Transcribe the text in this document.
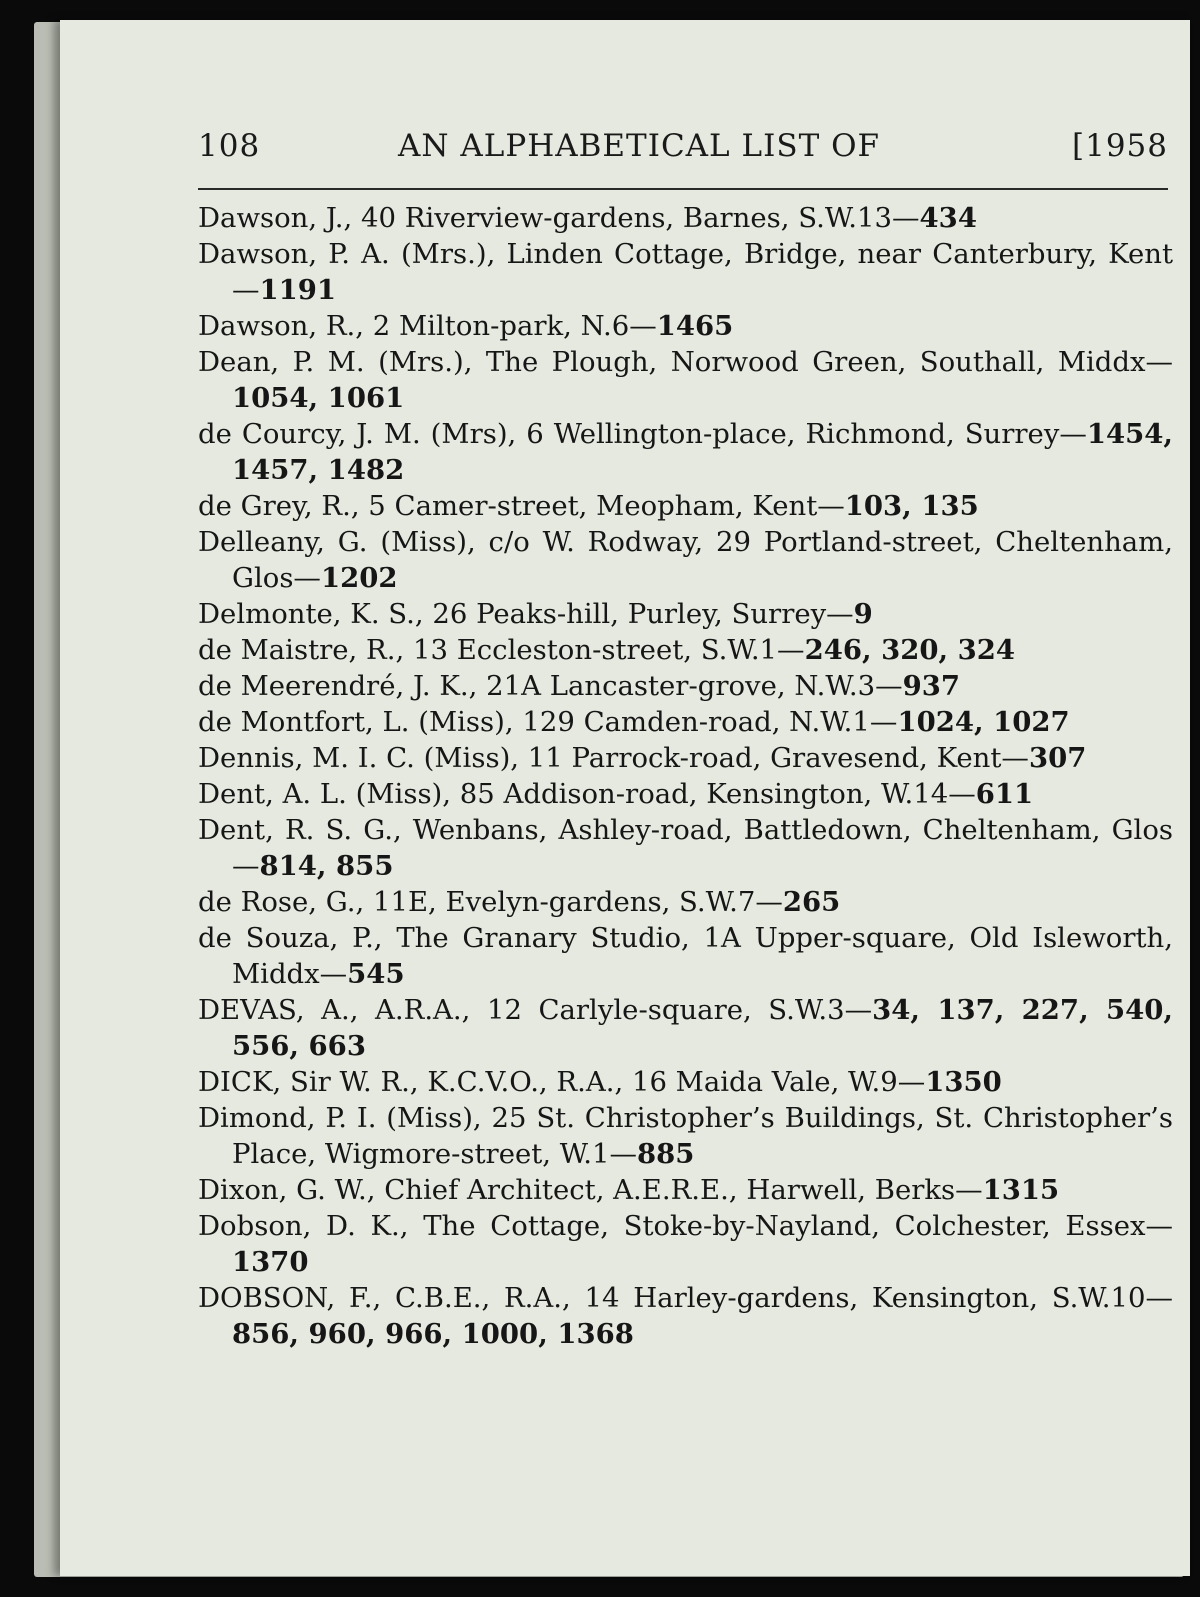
108	AN ALPHABETICAL LIST OF	[1958
Dawson, J., 40 Riverview-gardens, Barnes, S.W.13—434
Dawson, P. A. (Mrs.), Linden Cottage, Bridge, near Canterbury, Kent—1191
Dawson, R., 2 Milton-park, N.6—1465
Dean, P. M. (Mrs.), The Plough, Norwood Green, Southall, Middx—1054, 1061
de Courcy, J. M. (Mrs), 6 Wellington-place, Richmond, Surrey—1454, 1457, 1482
de Grey, R., 5 Camer-street, Meopham, Kent—103, 135
Delleany, G. (Miss), c/o W. Rodway, 29 Portland-street, Cheltenham, Glos—1202
Delmonte, K. S., 26 Peaks-hill, Purley, Surrey—9
de Maistre, R., 13 Eccleston-street, S.W.1—246, 320, 324
de Meerendré, J. K., 21A Lancaster-grove, N.W.3—937
de Montfort, L. (Miss), 129 Camden-road, N.W.1—1024, 1027
Dennis, M. I. C. (Miss), 11 Parrock-road, Gravesend, Kent—307
Dent, A. L. (Miss), 85 Addison-road, Kensington, W.14—611
Dent, R. S. G., Wenbans, Ashley-road, Battledown, Cheltenham, Glos—814, 855
de Rose, G., 11E, Evelyn-gardens, S.W.7—265
de Souza, P., The Granary Studio, 1A Upper-square, Old Isleworth, Middx—545
DEVAS, A., A.R.A., 12 Carlyle-square, S.W.3—34, 137, 227, 540, 556, 663
DICK, Sir W. R., K.C.V.O., R.A., 16 Maida Vale, W.9—1350
Dimond, P. I. (Miss), 25 St. Christopher’s Buildings, St. Christopher’s Place, Wigmore-street, W.1—885
Dixon, G. W., Chief Architect, A.E.R.E., Harwell, Berks—1315
Dobson, D. K., The Cottage, Stoke-by-Nayland, Colchester, Essex—1370
DOBSON, F., C.B.E., R.A., 14 Harley-gardens, Kensington, S.W.10—856, 960, 966, 1000, 1368
